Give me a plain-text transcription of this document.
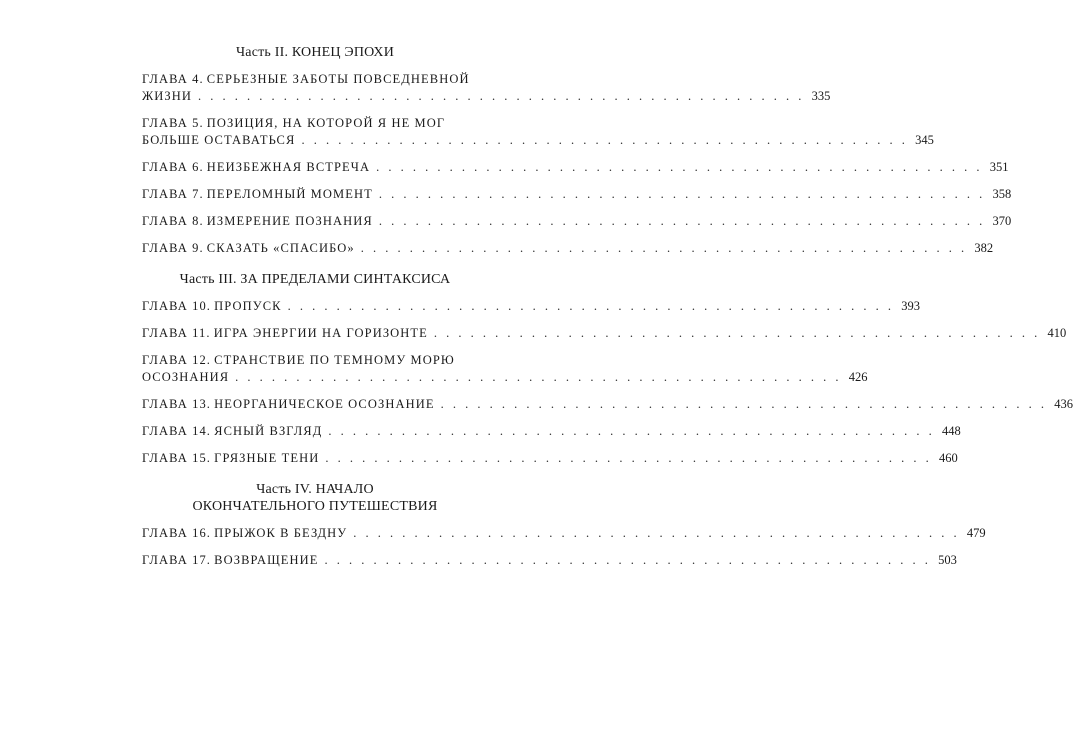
Часть II. КОНЕЦ ЭПОХИ
ГЛАВА 4. СЕРЬЕЗНЫЕ ЗАБОТЫ ПОВСЕДНЕВНОЙ
ЖИЗНИ . . . . . . . . . . . . . . . . . . . . . . . . . . . . . . . . . . . . . . . . . . . . . . . . . . 335
ГЛАВА 5. ПОЗИЦИЯ, НА КОТОРОЙ Я НЕ МОГ
БОЛЬШЕ ОСТАВАТЬСЯ . . . . . . . . . . . . . . . . . . . . . . . . . . . . . . . . . . . . . . . . . . . . . . . . . . 345
ГЛАВА 6. НЕИЗБЕЖНАЯ ВСТРЕЧА . . . . . . . . . . . . . . . . . . . . . . . . . . . . . . . . . . . . . . . . . . . . . . . . . . 351
ГЛАВА 7. ПЕРЕЛОМНЫЙ МОМЕНТ . . . . . . . . . . . . . . . . . . . . . . . . . . . . . . . . . . . . . . . . . . . . . . . . . . 358
ГЛАВА 8. ИЗМЕРЕНИЕ ПОЗНАНИЯ . . . . . . . . . . . . . . . . . . . . . . . . . . . . . . . . . . . . . . . . . . . . . . . . . . 370
ГЛАВА 9. СКАЗАТЬ «СПАСИБО» . . . . . . . . . . . . . . . . . . . . . . . . . . . . . . . . . . . . . . . . . . . . . . . . . . 382
Часть III. ЗА ПРЕДЕЛАМИ СИНТАКСИСА
ГЛАВА 10. ПРОПУСК . . . . . . . . . . . . . . . . . . . . . . . . . . . . . . . . . . . . . . . . . . . . . . . . . . 393
ГЛАВА 11. ИГРА ЭНЕРГИИ НА ГОРИЗОНТЕ . . . . . . . . . . . . . . . . . . . . . . . . . . . . . . . . . . . . . . . . . . . . . . . . . . 410
ГЛАВА 12. СТРАНСТВИЕ ПО ТЕМНОМУ МОРЮ
ОСОЗНАНИЯ . . . . . . . . . . . . . . . . . . . . . . . . . . . . . . . . . . . . . . . . . . . . . . . . . . 426
ГЛАВА 13. НЕОРГАНИЧЕСКОЕ ОСОЗНАНИЕ . . . . . . . . . . . . . . . . . . . . . . . . . . . . . . . . . . . . . . . . . . . . . . . . . . 436
ГЛАВА 14. ЯСНЫЙ ВЗГЛЯД . . . . . . . . . . . . . . . . . . . . . . . . . . . . . . . . . . . . . . . . . . . . . . . . . . 448
ГЛАВА 15. ГРЯЗНЫЕ ТЕНИ . . . . . . . . . . . . . . . . . . . . . . . . . . . . . . . . . . . . . . . . . . . . . . . . . . 460
Часть IV. НАЧАЛО
ОКОНЧАТЕЛЬНОГО ПУТЕШЕСТВИЯ
ГЛАВА 16. ПРЫЖОК В БЕЗДНУ . . . . . . . . . . . . . . . . . . . . . . . . . . . . . . . . . . . . . . . . . . . . . . . . . . 479
ГЛАВА 17. ВОЗВРАЩЕНИЕ . . . . . . . . . . . . . . . . . . . . . . . . . . . . . . . . . . . . . . . . . . . . . . . . . . 503
